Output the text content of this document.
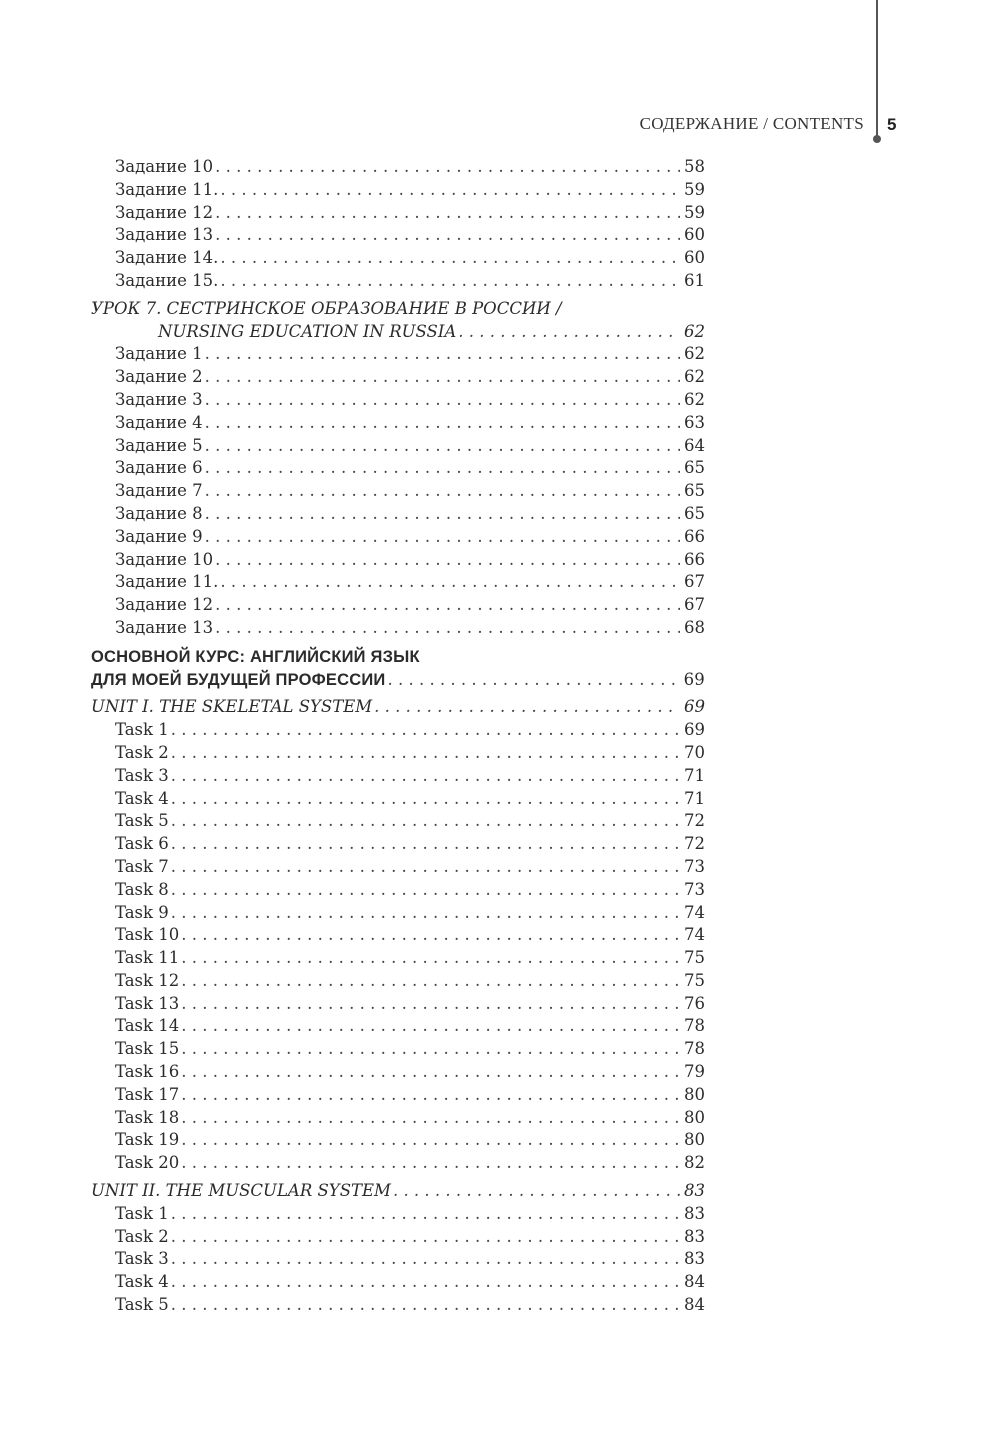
СОДЕРЖАНИЕ / CONTENTS 5
Задание 10 . . .	58
Задание 11. . . .	59
Задание 12 . . .	59
Задание 13 . . .	60
Задание 14. . . .	60
Задание 15. . . .	61
УРОК 7. СЕСТРИНСКОЕ ОБРАЗОВАНИЕ В РОССИИ /
NURSING EDUCATION IN RUSSIA . . .	62
Задание 1 . . .	62
Задание 2 . . .	62
Задание 3 . . .	62
Задание 4 . . .	63
Задание 5 . . .	64
Задание 6 . . .	65
Задание 7 . . .	65
Задание 8 . . .	65
Задание 9 . . .	66
Задание 10 . . .	66
Задание 11. . . .	67
Задание 12 . . .	67
Задание 13 . . .	68
ОСНОВНОЙ КУРС: АНГЛИЙСКИЙ ЯЗЫК
ДЛЯ МОЕЙ БУДУЩЕЙ ПРОФЕССИИ . . .	69
UNIT I. THE SKELETAL SYSTEM . . .	69
Task 1 . . .	69
Task 2 . . .	70
Task 3 . . .	71
Task 4 . . .	71
Task 5 . . .	72
Task 6 . . .	72
Task 7 . . .	73
Task 8 . . .	73
Task 9 . . .	74
Task 10 . . .	74
Task 11 . . .	75
Task 12 . . .	75
Task 13 . . .	76
Task 14 . . .	78
Task 15 . . .	78
Task 16 . . .	79
Task 17 . . .	80
Task 18 . . .	80
Task 19 . . .	80
Task 20 . . .	82
UNIT II. THE MUSCULAR SYSTEM . . .	83
Task 1 . . .	83
Task 2 . . .	83
Task 3 . . .	83
Task 4 . . .	84
Task 5 . . .	84
